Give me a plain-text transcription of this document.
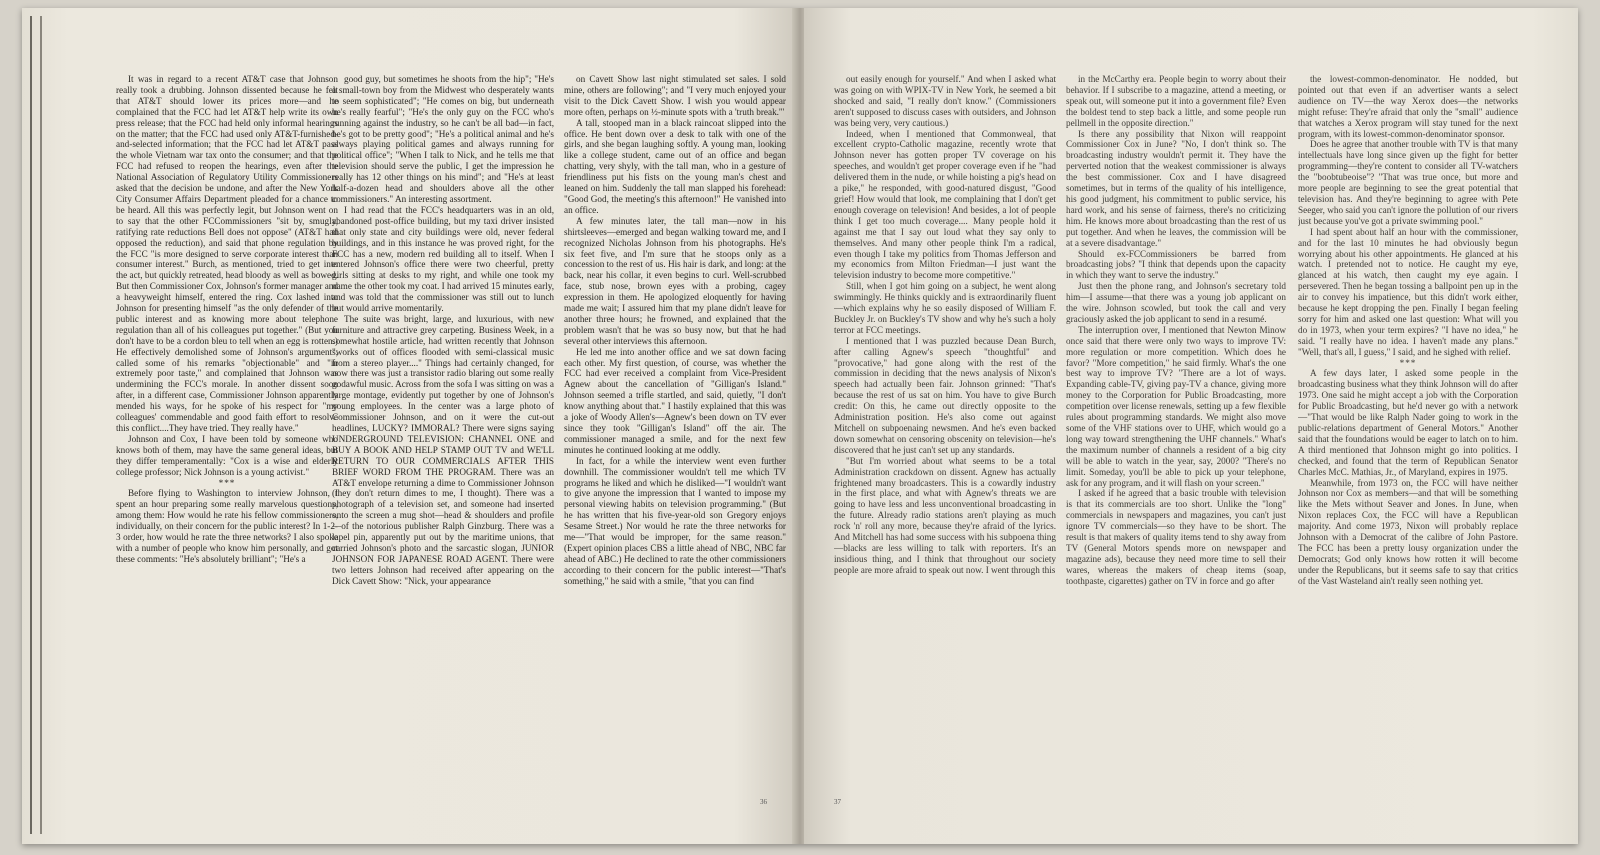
It was in regard to a recent AT&T case that Johnson really took a drubbing. Johnson dissented because he felt that AT&T should lower its prices more—and he complained that the FCC had let AT&T help write its own press release; that the FCC had held only informal hearings on the matter; that the FCC had used only AT&T-furnished-and-selected information; that the FCC had let AT&T pass the whole Vietnam war tax onto the consumer; and that the FCC had refused to reopen the hearings, even after the National Association of Regulatory Utility Commissioners asked that the decision be undone, and after the New York City Consumer Affairs Department pleaded for a chance to be heard. All this was perfectly legit, but Johnson went on to say that the other FCCommissioners "sit by, smugly, ratifying rate reductions Bell does not oppose" (AT&T had opposed the reduction), and said that phone regulation by the FCC "is more designed to serve corporate interest than consumer interest." Burch, as mentioned, tried to get into the act, but quickly retreated, head bloody as well as bowed. But then Commissioner Cox, Johnson's former manager and a heavyweight himself, entered the ring. Cox lashed into Johnson for presenting himself "as the only defender of the public interest and as knowing more about telephone regulation than all of his colleagues put together." (But you don't have to be a cordon bleu to tell when an egg is rotten.) He effectively demolished some of Johnson's arguments, called some of his remarks "objectionable" and "in extremely poor taste," and complained that Johnson was undermining the FCC's morale. In another dissent soon after, in a different case, Commissioner Johnson apparently mended his ways, for he spoke of his respect for "my colleagues' commendable and good faith effort to resolve this conflict....They have tried. They really have."

Johnson and Cox, I have been told by someone who knows both of them, may have the same general ideas, but they differ temperamentally: "Cox is a wise and elderly college professor; Nick Johnson is a young activist."

***

Before flying to Washington to interview Johnson, I spent an hour preparing some really marvelous questions, among them: How would he rate his fellow commissioners, individually, on their concern for the public interest? In 1-2-3 order, how would he rate the three networks? I also spoke with a number of people who know him personally, and got these comments: "He's absolutely brilliant"; "He's a

good guy, but sometimes he shoots from the hip"; "He's a small-town boy from the Midwest who desperately wants to seem sophisticated"; "He comes on big, but underneath he's really fearful"; "He's the only guy on the FCC who's running against the industry, so he can't be all bad—in fact, he's got to be pretty good"; "He's a political animal and he's always playing political games and always running for political office"; "When I talk to Nick, and he tells me that television should serve the public, I get the impression he really has 12 other things on his mind"; and "He's at least half-a-dozen head and shoulders above all the other commissioners." An interesting assortment.

I had read that the FCC's headquarters was in an old, abandoned post-office building, but my taxi driver insisted that only state and city buildings were old, never federal buildings, and in this instance he was proved right, for the FCC has a new, modern red building all to itself. When I entered Johnson's office there were two cheerful, pretty girls sitting at desks to my right, and while one took my name the other took my coat. I had arrived 15 minutes early, and was told that the commissioner was still out to lunch but would arrive momentarily.

The suite was bright, large, and luxurious, with new furniture and attractive grey carpeting. Business Week, in a somewhat hostile article, had written recently that Johnson "works out of offices flooded with semi-classical music from a stereo player...." Things had certainly changed, for now there was just a transistor radio blaring out some really godawful music. Across from the sofa I was sitting on was a large montage, evidently put together by one of Johnson's young employees. In the center was a large photo of Commissioner Johnson, and on it were the cut-out headlines, LUCKY? IMMORAL? There were signs saying UNDERGROUND TELEVISION: CHANNEL ONE and BUY A BOOK AND HELP STAMP OUT TV and WE'LL RETURN TO OUR COMMERCIALS AFTER THIS BRIEF WORD FROM THE PROGRAM. There was an AT&T envelope returning a dime to Commissioner Johnson (they don't return dimes to me, I thought). There was a photograph of a television set, and someone had inserted onto the screen a mug shot—head & shoulders and profile—of the notorious publisher Ralph Ginzburg. There was a lapel pin, apparently put out by the maritime unions, that carried Johnson's photo and the sarcastic slogan, JUNIOR JOHNSON FOR JAPANESE ROAD AGENT. There were two letters Johnson had received after appearing on the Dick Cavett Show: "Nick, your appearance

on Cavett Show last night stimulated set sales. I sold mine, others are following"; and "I very much enjoyed your visit to the Dick Cavett Show. I wish you would appear more often, perhaps on ½-minute spots with a 'truth break.'"

A tall, stooped man in a black raincoat slipped into the office. He bent down over a desk to talk with one of the girls, and she began laughing softly. A young man, looking like a college student, came out of an office and began chatting, very shyly, with the tall man, who in a gesture of friendliness put his fists on the young man's chest and leaned on him. Suddenly the tall man slapped his forehead: "Good God, the meeting's this afternoon!" He vanished into an office.

A few minutes later, the tall man—now in his shirtsleeves—emerged and began walking toward me, and I recognized Nicholas Johnson from his photographs. He's six feet five, and I'm sure that he stoops only as a concession to the rest of us. His hair is dark, and long: at the back, near his collar, it even begins to curl. Well-scrubbed face, stub nose, brown eyes with a probing, cagey expression in them. He apologized eloquently for having made me wait; I assured him that my plane didn't leave for another three hours; he frowned, and explained that the problem wasn't that he was so busy now, but that he had several other interviews this afternoon.

He led me into another office and we sat down facing each other. My first question, of course, was whether the FCC had ever received a complaint from Vice-President Agnew about the cancellation of "Gilligan's Island." Johnson seemed a trifle startled, and said, quietly, "I don't know anything about that." I hastily explained that this was a joke of Woody Allen's—Agnew's been down on TV ever since they took "Gilligan's Island" off the air. The commissioner managed a smile, and for the next few minutes he continued looking at me oddly.

In fact, for a while the interview went even further downhill. The commissioner wouldn't tell me which TV programs he liked and which he disliked—"I wouldn't want to give anyone the impression that I wanted to impose my personal viewing habits on television programming." (But he has written that his five-year-old son Gregory enjoys Sesame Street.) Nor would he rate the three networks for me—"That would be improper, for the same reason." (Expert opinion places CBS a little ahead of NBC, NBC far ahead of ABC.) He declined to rate the other commissioners according to their concern for the public interest—"That's something," he said with a smile, "that you can find

36

out easily enough for yourself." And when I asked what was going on with WPIX-TV in New York, he seemed a bit shocked and said, "I really don't know." (Commissioners aren't supposed to discuss cases with outsiders, and Johnson was being very, very cautious.)

Indeed, when I mentioned that Commonweal, that excellent crypto-Catholic magazine, recently wrote that Johnson never has gotten proper TV coverage on his speeches, and wouldn't get proper coverage even if he "had delivered them in the nude, or while hoisting a pig's head on a pike," he responded, with good-natured disgust, "Good grief! How would that look, me complaining that I don't get enough coverage on television! And besides, a lot of people think I get too much coverage.... Many people hold it against me that I say out loud what they say only to themselves. And many other people think I'm a radical, even though I take my politics from Thomas Jefferson and my economics from Milton Friedman—I just want the television industry to become more competitive."

Still, when I got him going on a subject, he went along swimmingly. He thinks quickly and is extraordinarily fluent—which explains why he so easily disposed of William F. Buckley Jr. on Buckley's TV show and why he's such a holy terror at FCC meetings.

I mentioned that I was puzzled because Dean Burch, after calling Agnew's speech "thoughtful" and "provocative," had gone along with the rest of the commission in deciding that the news analysis of Nixon's speech had actually been fair. Johnson grinned: "That's because the rest of us sat on him. You have to give Burch credit: On this, he came out directly opposite to the Administration position. He's also come out against Mitchell on subpoenaing newsmen. And he's even backed down somewhat on censoring obscenity on television—he's discovered that he just can't set up any standards.

"But I'm worried about what seems to be a total Administration crackdown on dissent. Agnew has actually frightened many broadcasters. This is a cowardly industry in the first place, and what with Agnew's threats we are going to have less and less unconventional broadcasting in the future. Already radio stations aren't playing as much rock 'n' roll any more, because they're afraid of the lyrics. And Mitchell has had some success with his subpoena thing—blacks are less willing to talk with reporters. It's an insidious thing, and I think that throughout our society people are more afraid to speak out now. I went through this

in the McCarthy era. People begin to worry about their behavior. If I subscribe to a magazine, attend a meeting, or speak out, will someone put it into a government file? Even the boldest tend to step back a little, and some people run pellmell in the opposite direction."

Is there any possibility that Nixon will reappoint Commissioner Cox in June? "No, I don't think so. The broadcasting industry wouldn't permit it. They have the perverted notion that the weakest commissioner is always the best commissioner. Cox and I have disagreed sometimes, but in terms of the quality of his intelligence, his good judgment, his commitment to public service, his hard work, and his sense of fairness, there's no criticizing him. He knows more about broadcasting than the rest of us put together. And when he leaves, the commission will be at a severe disadvantage."

Should ex-FCCommissioners be barred from broadcasting jobs? "I think that depends upon the capacity in which they want to serve the industry."

Just then the phone rang, and Johnson's secretary told him—I assume—that there was a young job applicant on the wire. Johnson scowled, but took the call and very graciously asked the job applicant to send in a resumé.

The interruption over, I mentioned that Newton Minow once said that there were only two ways to improve TV: more regulation or more competition. Which does he favor? "More competition," he said firmly. What's the one best way to improve TV? "There are a lot of ways. Expanding cable-TV, giving pay-TV a chance, giving more money to the Corporation for Public Broadcasting, more competition over license renewals, setting up a few flexible rules about programming standards. We might also move some of the VHF stations over to UHF, which would go a long way toward strengthening the UHF channels." What's the maximum number of channels a resident of a big city will be able to watch in the year, say, 2000? "There's no limit. Someday, you'll be able to pick up your telephone, ask for any program, and it will flash on your screen."

I asked if he agreed that a basic trouble with television is that its commercials are too short. Unlike the "long" commercials in newspapers and magazines, you can't just ignore TV commercials—so they have to be short. The result is that makers of quality items tend to shy away from TV (General Motors spends more on newspaper and magazine ads), because they need more time to sell their wares, whereas the makers of cheap items (soap, toothpaste, cigarettes) gather on TV in force and go after

the lowest-common-denominator. He nodded, but pointed out that even if an advertiser wants a select audience on TV—the way Xerox does—the networks might refuse: They're afraid that only the "small" audience that watches a Xerox program will stay tuned for the next program, with its lowest-common-denominator sponsor.

Does he agree that another trouble with TV is that many intellectuals have long since given up the fight for better programming—they're content to consider all TV-watchers the "boobtubeoise"? "That was true once, but more and more people are beginning to see the great potential that television has. And they're beginning to agree with Pete Seeger, who said you can't ignore the pollution of our rivers just because you've got a private swimming pool."

I had spent about half an hour with the commissioner, and for the last 10 minutes he had obviously begun worrying about his other appointments. He glanced at his watch. I pretended not to notice. He caught my eye, glanced at his watch, then caught my eye again. I persevered. Then he began tossing a ballpoint pen up in the air to convey his impatience, but this didn't work either, because he kept dropping the pen. Finally I began feeling sorry for him and asked one last question: What will you do in 1973, when your term expires? "I have no idea," he said. "I really have no idea. I haven't made any plans." "Well, that's all, I guess," I said, and he sighed with relief.

***

A few days later, I asked some people in the broadcasting business what they think Johnson will do after 1973. One said he might accept a job with the Corporation for Public Broadcasting, but he'd never go with a network—"That would be like Ralph Nader going to work in the public-relations department of General Motors." Another said that the foundations would be eager to latch on to him. A third mentioned that Johnson might go into politics. I checked, and found that the term of Republican Senator Charles McC. Mathias, Jr., of Maryland, expires in 1975.

Meanwhile, from 1973 on, the FCC will have neither Johnson nor Cox as members—and that will be something like the Mets without Seaver and Jones. In June, when Nixon replaces Cox, the FCC will have a Republican majority. And come 1973, Nixon will probably replace Johnson with a Democrat of the calibre of John Pastore. The FCC has been a pretty lousy organization under the Democrats; God only knows how rotten it will become under the Republicans, but it seems safe to say that critics of the Vast Wasteland ain't really seen nothing yet.

37
